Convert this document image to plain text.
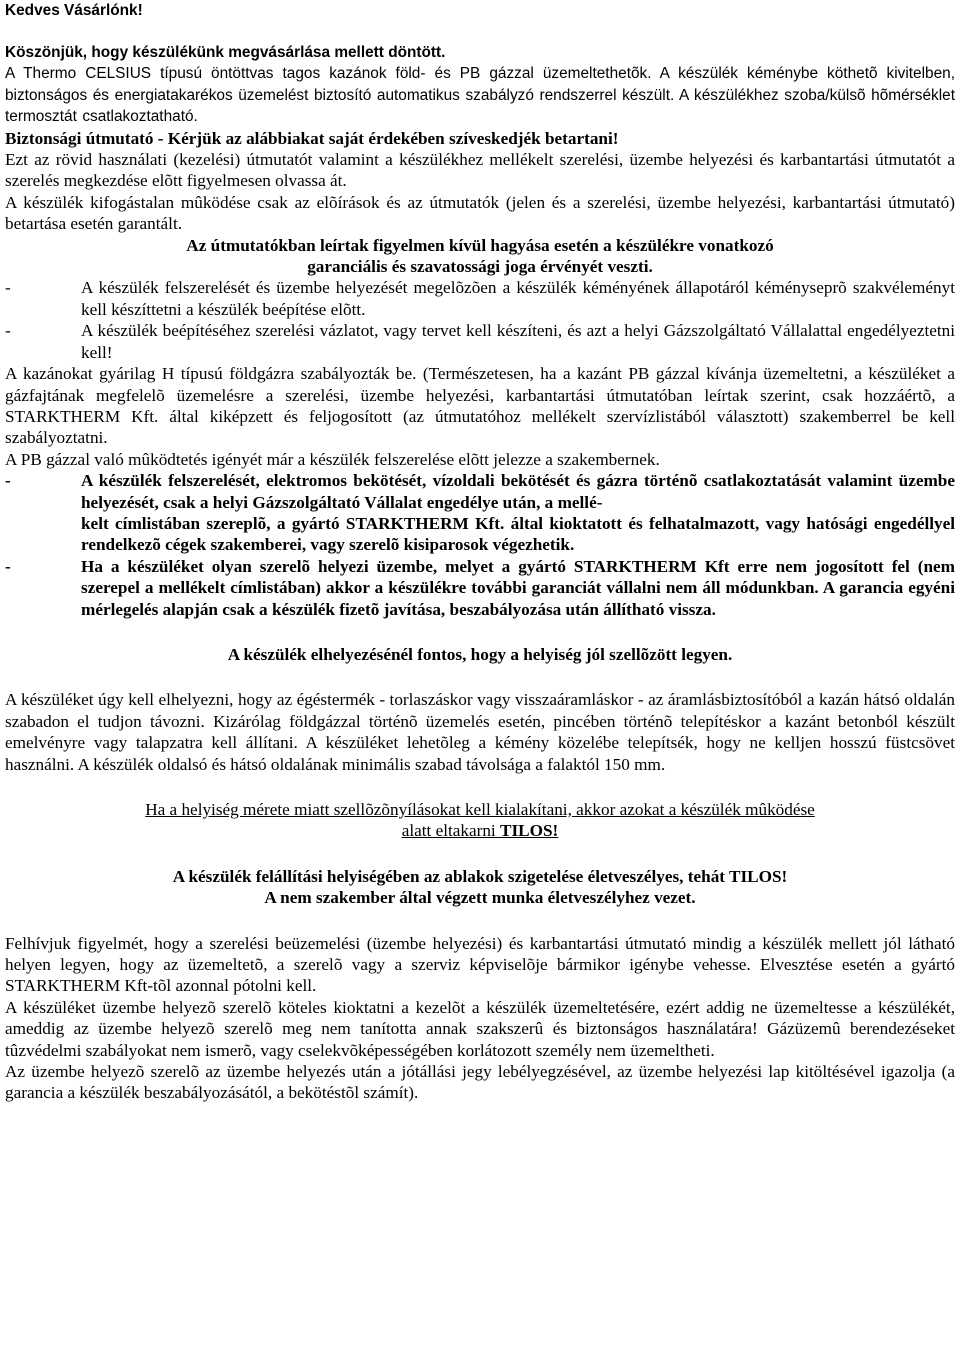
Kedves Vásárlónk!

Köszönjük, hogy készülékünk megvásárlása mellett döntött.

A Thermo CELSIUS típusú öntöttvas tagos kazánok föld- és PB gázzal üzemeltethetõk. A készülék kéménybe köthetõ kivitelben, biztonságos és energiatakarékos üzemelést biztosító automatikus szabályzó rendszerrel készült. A készülékhez szoba/külsõ hõmérséklet termosztát csatlakoztatható.

Biztonsági útmutató - Kérjük az alábbiakat saját érdekében szíveskedjék betartani!

Ezt az rövid használati (kezelési) útmutatót valamint a készülékhez mellékelt szerelési, üzembe helyezési és karbantartási útmutatót a szerelés megkezdése elõtt figyelmesen olvassa át.

A készülék kifogástalan mûködése csak az elõírások és az útmutatók (jelen és a szerelési, üzembe helyezési, karbantartási útmutató) betartása esetén garantált.

Az útmutatókban leírtak figyelmen kívül hagyása esetén a készülékre vonatkozó

garanciális és szavatossági joga érvényét veszti.

-	A készülék felszerelését és üzembe helyezését megelõzõen a készülék kéményének állapotáról kéményseprõ szakvéleményt kell készíttetni a készülék beépítése elõtt.
-	A készülék beépítéséhez szerelési vázlatot, vagy tervet kell készíteni, és azt a helyi Gázszolgáltató Vállalattal engedélyeztetni kell!

A kazánokat gyárilag H típusú földgázra szabályozták be. (Természetesen, ha a kazánt PB gázzal kívánja üzemeltetni, a készüléket a gázfajtának megfelelõ üzemelésre a szerelési, üzembe helyezési, karbantartási útmutatóban leírtak szerint, csak hozzáértõ, a STARKTHERM Kft. által kiképzett és feljogosított (az útmutatóhoz mellékelt szervízlistából választott) szakemberrel be kell szabályoztatni.

A PB gázzal való mûködtetés igényét már a készülék felszerelése elõtt jelezze a szakembernek.

-	A készülék felszerelését, elektromos bekötését, vízoldali bekötését és gázra történõ csatlakoztatását valamint üzembe helyezését, csak a helyi Gázszolgáltató Vállalat engedélye után, a mellé-
kelt címlistában szereplõ, a gyártó STARKTHERM Kft. által kioktatott és felhatalmazott, vagy hatósági engedéllyel rendelkezõ cégek szakemberei, vagy szerelõ kisiparosok végezhetik.
-	Ha a készüléket olyan szerelõ helyezi üzembe, melyet a gyártó STARKTHERM Kft erre nem jogosított fel (nem szerepel a mellékelt címlistában) akkor a készülékre további garanciát vállalni nem áll módunkban. A garancia egyéni mérlegelés alapján csak a készülék fizetõ javítása, beszabályozása után állítható vissza.

A készülék elhelyezésénél fontos, hogy a helyiség jól szellõzött legyen.

A készüléket úgy kell elhelyezni, hogy az égéstermék - torlaszáskor vagy visszaáramláskor - az áramlásbiztosítóból a kazán hátsó oldalán szabadon el tudjon távozni. Kizárólag földgázzal történõ üzemelés esetén, pincében történõ telepítéskor a kazánt betonból készült emelvényre vagy talapzatra kell állítani. A készüléket lehetõleg a kémény közelébe telepítsék, hogy ne kelljen hosszú füstcsövet használni. A készülék oldalsó és hátsó oldalának minimális szabad távolsága a falaktól 150 mm.

Ha a helyiség mérete miatt szellõzõnyílásokat kell kialakítani, akkor azokat a készülék mûködése

alatt eltakarni TILOS!

A készülék felállítási helyiségében az ablakok szigetelése életveszélyes, tehát TILOS!

A nem szakember által végzett munka életveszélyhez vezet.

Felhívjuk figyelmét, hogy a szerelési beüzemelési (üzembe helyezési) és karbantartási útmutató mindig a készülék mellett jól látható helyen legyen, hogy az üzemeltetõ, a szerelõ vagy a szerviz képviselõje bármikor igénybe vehesse. Elvesztése esetén a gyártó STARKTHERM Kft-tõl azonnal pótolni kell.

A készüléket üzembe helyezõ szerelõ köteles kioktatni a kezelõt a készülék üzemeltetésére, ezért addig ne üzemeltesse a készülékét, ameddig az üzembe helyezõ szerelõ meg nem tanította annak szakszerû és biztonságos használatára! Gázüzemû berendezéseket tûzvédelmi szabályokat nem ismerõ, vagy cselekvõképességében korlátozott személy nem üzemeltheti.

Az üzembe helyezõ szerelõ az üzembe helyezés után a jótállási jegy lebélyegzésével, az üzembe helyezési lap kitöltésével igazolja (a garancia a készülék beszabályozásától, a bekötéstõl számít).
